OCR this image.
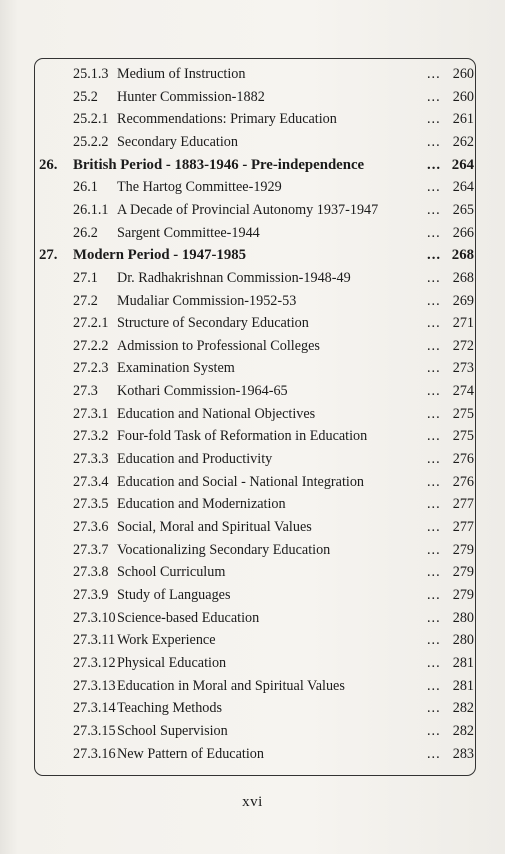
25.1.3 Medium of Instruction	... 260
25.2 Hunter Commission-1882	... 260
25.2.1 Recommendations: Primary Education	... 261
25.2.2 Secondary Education	... 262
26. British Period - 1883-1946 - Pre-independence	... 264
26.1 The Hartog Committee-1929	... 264
26.1.1 A Decade of Provincial Autonomy 1937-1947	... 265
26.2 Sargent Committee-1944	... 266
27. Modern Period - 1947-1985	... 268
27.1 Dr. Radhakrishnan Commission-1948-49	... 268
27.2 Mudaliar Commission-1952-53	... 269
27.2.1 Structure of Secondary Education	... 271
27.2.2 Admission to Professional Colleges	... 272
27.2.3 Examination System	... 273
27.3 Kothari Commission-1964-65	... 274
27.3.1 Education and National Objectives	... 275
27.3.2 Four-fold Task of Reformation in Education	... 275
27.3.3 Education and Productivity	... 276
27.3.4 Education and Social - National Integration	... 276
27.3.5 Education and Modernization	... 277
27.3.6 Social, Moral and Spiritual Values	... 277
27.3.7 Vocationalizing Secondary Education	... 279
27.3.8 School Curriculum	... 279
27.3.9 Study of Languages	... 279
27.3.10 Science-based Education	... 280
27.3.11 Work Experience	... 280
27.3.12 Physical Education	... 281
27.3.13 Education in Moral and Spiritual Values	... 281
27.3.14 Teaching Methods	... 282
27.3.15 School Supervision	... 282
27.3.16 New Pattern of Education	... 283
xvi
